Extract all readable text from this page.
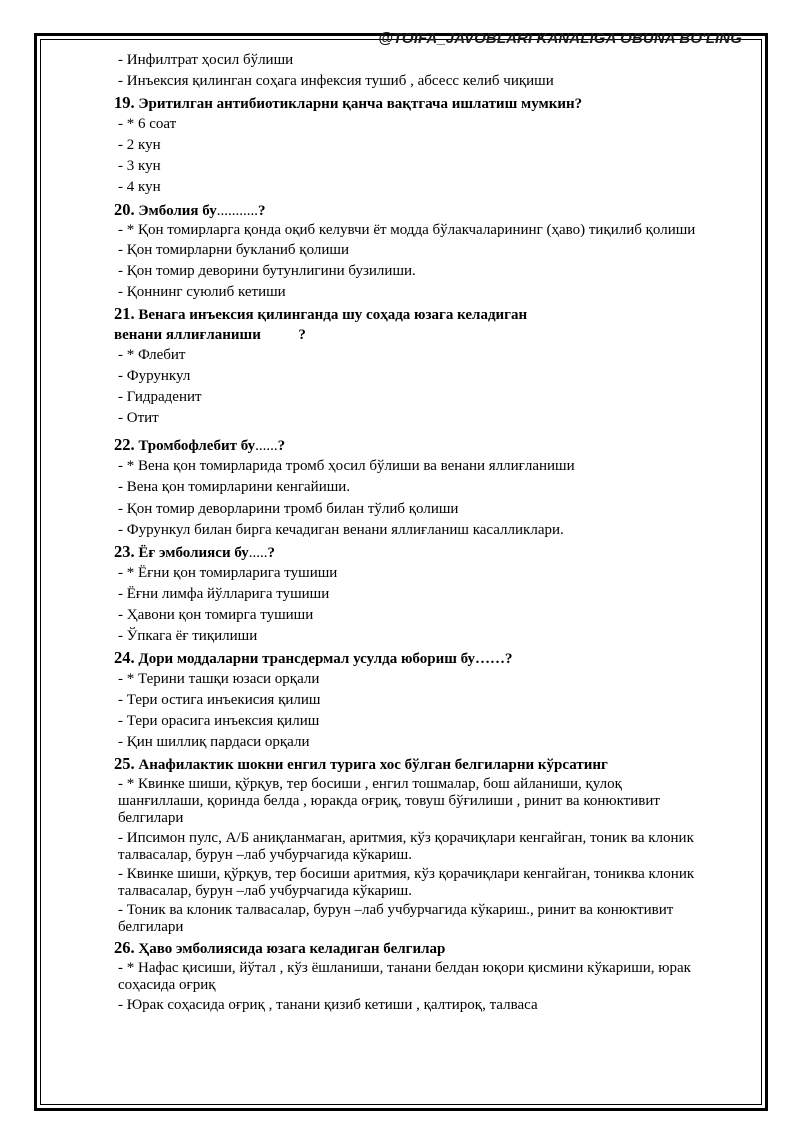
@TOIFA_JAVOBLARI KANALIGA OBUNA BO'LING

- Инфилтрат ҳосил бўлиши

- Инъексия қилинган соҳага инфексия тушиб , абсесс келиб чиқиши

19. Эритилган антибиотикларни қанча вақтгача ишлатиш мумкин?

- * 6 соат

- 2 кун

- 3 кун

- 4 кун

20. Эмболия бу...........?

- * Қон томирларга қонда оқиб келувчи ёт модда бўлакчаларининг (ҳаво) тиқилиб қолиши

- Қон томирларни букланиб қолиши

- Қон томир деворини бутунлигини бузилиши.

- Қоннинг суюлиб кетиши

21. Венага инъексия қилинганда шу соҳада юзага келадиган
венани яллиғланиши          ?

- * Флебит

- Фурункул

- Гидраденит

- Отит

22. Тромбофлебит бу......?

- * Вена қон томирларида тромб ҳосил бўлиши ва венани яллиғланиши

- Вена қон томирларини кенгайиши.

- Қон томир деворларини тромб билан тўлиб қолиши

- Фурункул билан бирга кечадиган венани яллиғланиш касалликлари.

23. Ёғ эмболияси бу.....?

- * Ёғни қон томирларига тушиши

- Ёғни лимфа йўлларига тушиши

- Ҳавони қон томирга тушиши

- Ўпкага ёғ тиқилиши

24. Дори моддаларни трансдермал усулда юбориш бу……?

- * Терини ташқи юзаси орқали

- Тери остига инъекисия қилиш

- Тери орасига инъексия қилиш

- Қин шиллиқ пардаси орқали

25. Анафилактик шокни енгил турига хос бўлган белгиларни кўрсатинг

- * Квинке шиши, қўрқув, тер босиши , енгил тошмалар, бош айланиши, қулоқ шанғиллаши, қоринда белда , юракда оғриқ, товуш бўғилиши , ринит ва конюктивит белгилари

- Ипсимон пулс, А/Б аниқланмаган, аритмия, кўз қорачиқлари кенгайган, тоник ва клоник талвасалар, бурун –лаб учбурчагида кўкариш.

- Квинке шиши, қўрқув, тер босиши аритмия, кўз қорачиқлари кенгайган, тониква клоник талвасалар, бурун –лаб учбурчагида кўкариш.

- Тоник ва клоник талвасалар, бурун –лаб учбурчагида кўкариш., ринит ва конюктивит белгилари

26. Ҳаво эмболиясида юзага келадиган белгилар

- * Нафас қисиши, йўтал , кўз ёшланиши, танани белдан юқори қисмини кўкариши, юрак соҳасида оғриқ

- Юрак соҳасида оғриқ , танани қизиб кетиши , қалтироқ, талваса
